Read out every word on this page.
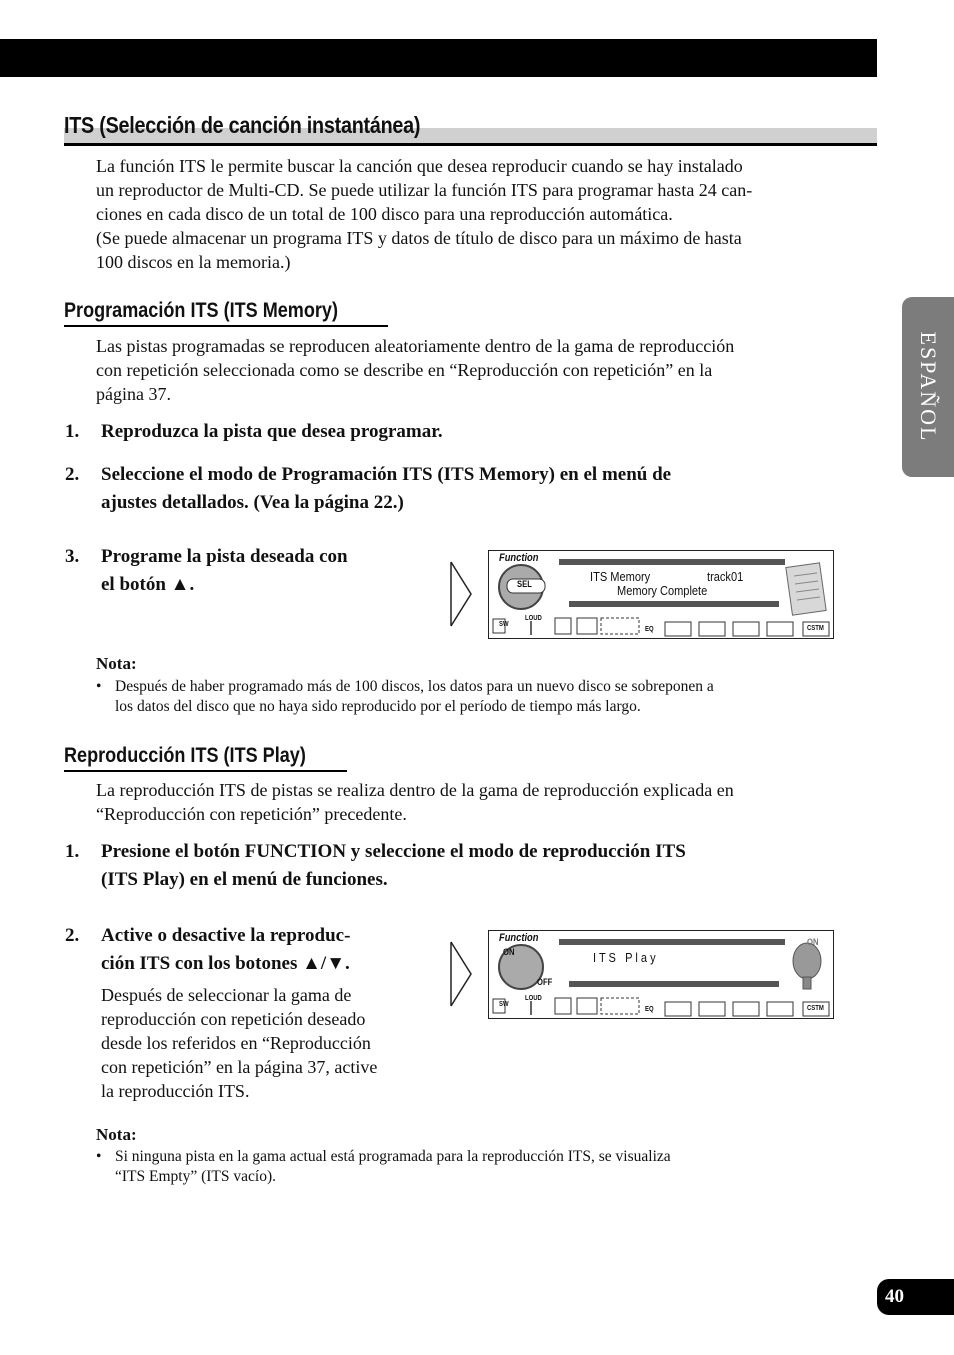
ITS (Selección de canción instantánea)
La función ITS le permite buscar la canción que desea reproducir cuando se hay instalado
un reproductor de Multi-CD. Se puede utilizar la función ITS para programar hasta 24 can-
ciones en cada disco de un total de 100 disco para una reproducción automática.
(Se puede almacenar un programa ITS y datos de título de disco para un máximo de hasta
100 discos en la memoria.)
Programación ITS (ITS Memory)
Las pistas programadas se reproducen aleatoriamente dentro de la gama de reproducción
con repetición seleccionada como se describe en “Reproducción con repetición” en la
página 37.
1. Reproduzca la pista que desea programar.
2. Seleccione el modo de Programación ITS (ITS Memory) en el menú de
ajustes detallados. (Vea la página 22.)
3. Programe la pista deseada con
el botón ▲.
Function
SEL	ITS Memory	track01
Memory Complete
SW
LOUD
EQ	CSTM
Nota:
• Después de haber programado más de 100 discos, los datos para un nuevo disco se sobreponen a
los datos del disco que no haya sido reproducido por el período de tiempo más largo.
Reproducción ITS (ITS Play)
La reproducción ITS de pistas se realiza dentro de la gama de reproducción explicada en
“Reproducción con repetición” precedente.
1. Presione el botón FUNCTION y seleccione el modo de reproducción ITS
(ITS Play) en el menú de funciones.
2. Active o desactive la reproduc-
ción ITS con los botones ▲/▼.
Después de seleccionar la gama de
reproducción con repetición deseado
desde los referidos en “Reproducción
con repetición” en la página 37, active
la reproducción ITS.
Function
ON
OFF
ON
I T S   P l a y
SW
LOUD
EQ	CSTM
Nota:
• Si ninguna pista en la gama actual está programada para la reproducción ITS, se visualiza
“ITS Empty” (ITS vacío).
ESPAÑOL
40
